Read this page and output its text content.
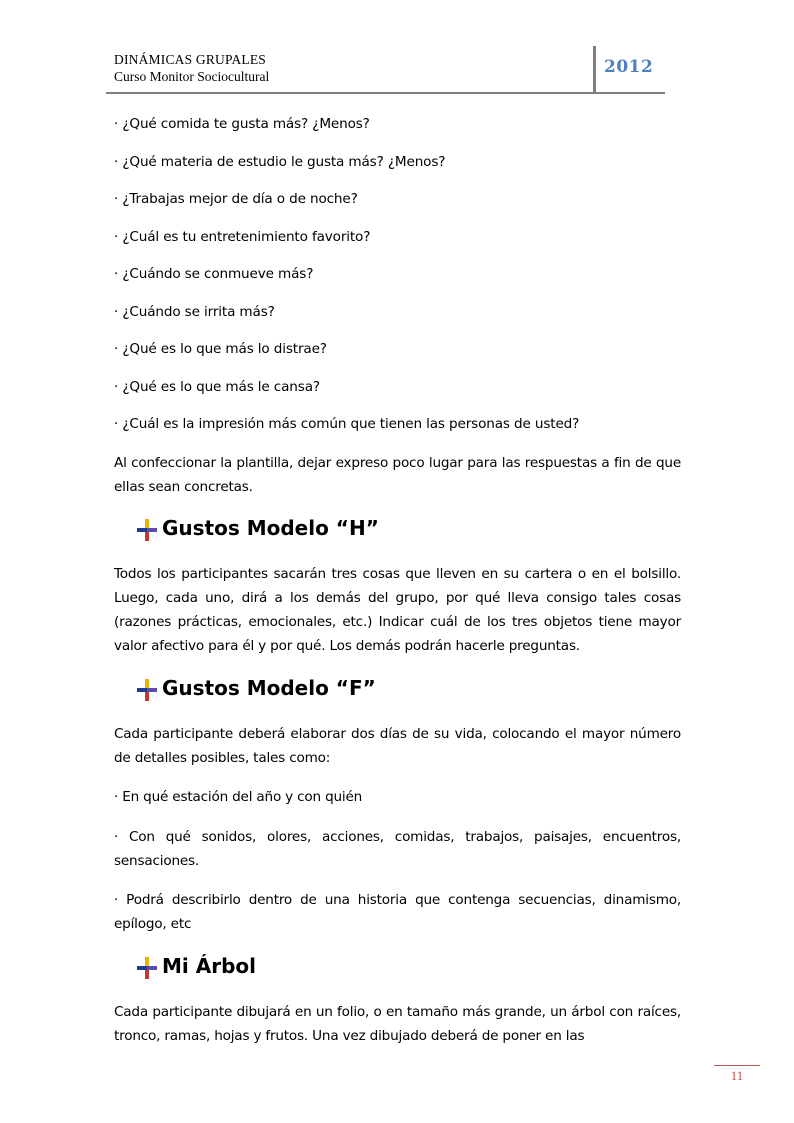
DINÁMICAS GRUPALES
Curso Monitor Sociocultural	2012
· ¿Qué comida te gusta más? ¿Menos?
· ¿Qué materia de estudio le gusta más? ¿Menos?
· ¿Trabajas mejor de día o de noche?
· ¿Cuál es tu entretenimiento favorito?
· ¿Cuándo se conmueve más?
· ¿Cuándo se irrita más?
· ¿Qué es lo que más lo distrae?
· ¿Qué es lo que más le cansa?
· ¿Cuál es la impresión más común que tienen las personas de usted?

Al confeccionar la plantilla, dejar expreso poco lugar para las respuestas a fin de que ellas sean concretas.

Gustos Modelo “H”

Todos los participantes sacarán tres cosas que lleven en su cartera o en el bolsillo. Luego, cada uno, dirá a los demás del grupo, por qué lleva consigo tales cosas (razones prácticas, emocionales, etc.) Indicar cuál de los tres objetos tiene mayor valor afectivo para él y por qué. Los demás podrán hacerle preguntas.

Gustos Modelo “F”

Cada participante deberá elaborar dos días de su vida, colocando el mayor número de detalles posibles, tales como:

· En qué estación del año y con quién

· Con qué sonidos, olores, acciones, comidas, trabajos, paisajes, encuentros, sensaciones.

· Podrá describirlo dentro de una historia que contenga secuencias, dinamismo, epílogo, etc

Mi Árbol

Cada participante dibujará en un folio, o en tamaño más grande, un árbol con raíces, tronco, ramas, hojas y frutos. Una vez dibujado deberá de poner en las

11
